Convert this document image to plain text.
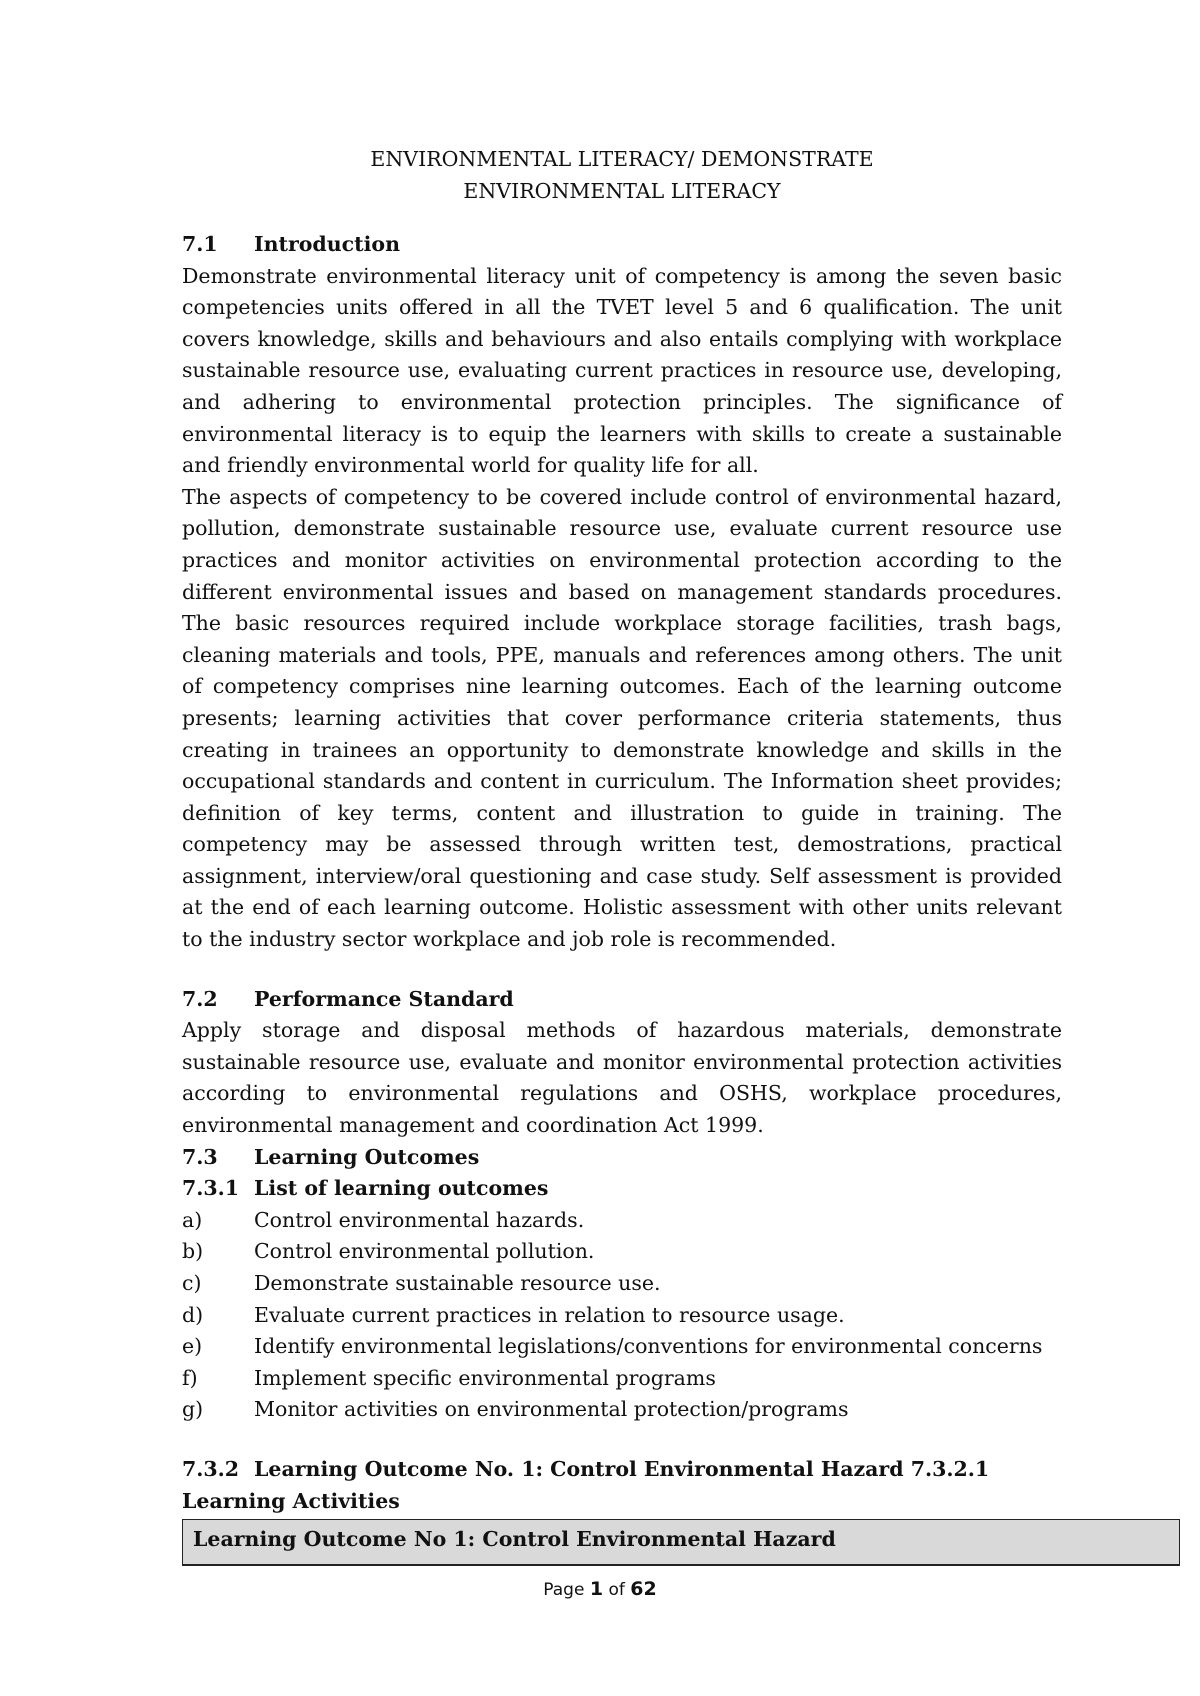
ENVIRONMENTAL LITERACY/ DEMONSTRATE
ENVIRONMENTAL LITERACY
7.1	Introduction

Demonstrate environmental literacy unit of competency is among the seven basic competencies units offered in all the TVET level 5 and 6 qualification. The unit covers knowledge, skills and behaviours and also entails complying with workplace sustainable resource use, evaluating current practices in resource use, developing, and adhering to environmental protection principles. The significance of environmental literacy is to equip the learners with skills to create a sustainable and friendly environmental world for quality life for all.

The aspects of competency to be covered include control of environmental hazard, pollution, demonstrate sustainable resource use, evaluate current resource use practices and monitor activities on environmental protection according to the different environmental issues and based on management standards procedures. The basic resources required include workplace storage facilities, trash bags, cleaning materials and tools, PPE, manuals and references among others. The unit of competency comprises nine learning outcomes. Each of the learning outcome presents; learning activities that cover performance criteria statements, thus creating in trainees an opportunity to demonstrate knowledge and skills in the occupational standards and content in curriculum. The Information sheet provides; definition of key terms, content and illustration to guide in training. The competency may be assessed through written test, demostrations, practical assignment, interview/oral questioning and case study. Self assessment is provided at the end of each learning outcome. Holistic assessment with other units relevant to the industry sector workplace and job role is recommended.

7.2	Performance Standard

Apply storage and disposal methods of hazardous materials, demonstrate sustainable resource use, evaluate and monitor environmental protection activities according to environmental regulations and OSHS, workplace procedures, environmental management and coordination Act 1999.

7.3	Learning Outcomes
7.3.1 List of learning outcomes
a)	Control environmental hazards.
b)	Control environmental pollution.
c)	Demonstrate sustainable resource use.
d)	Evaluate current practices in relation to resource usage.
e)	Identify environmental legislations/conventions for environmental concerns
f)	Implement specific environmental programs
g)	Monitor activities on environmental protection/programs
7.3.2 Learning Outcome No. 1: Control Environmental Hazard 7.3.2.1
Learning Activities
Learning Outcome No 1: Control Environmental Hazard
Page 1 of 62
